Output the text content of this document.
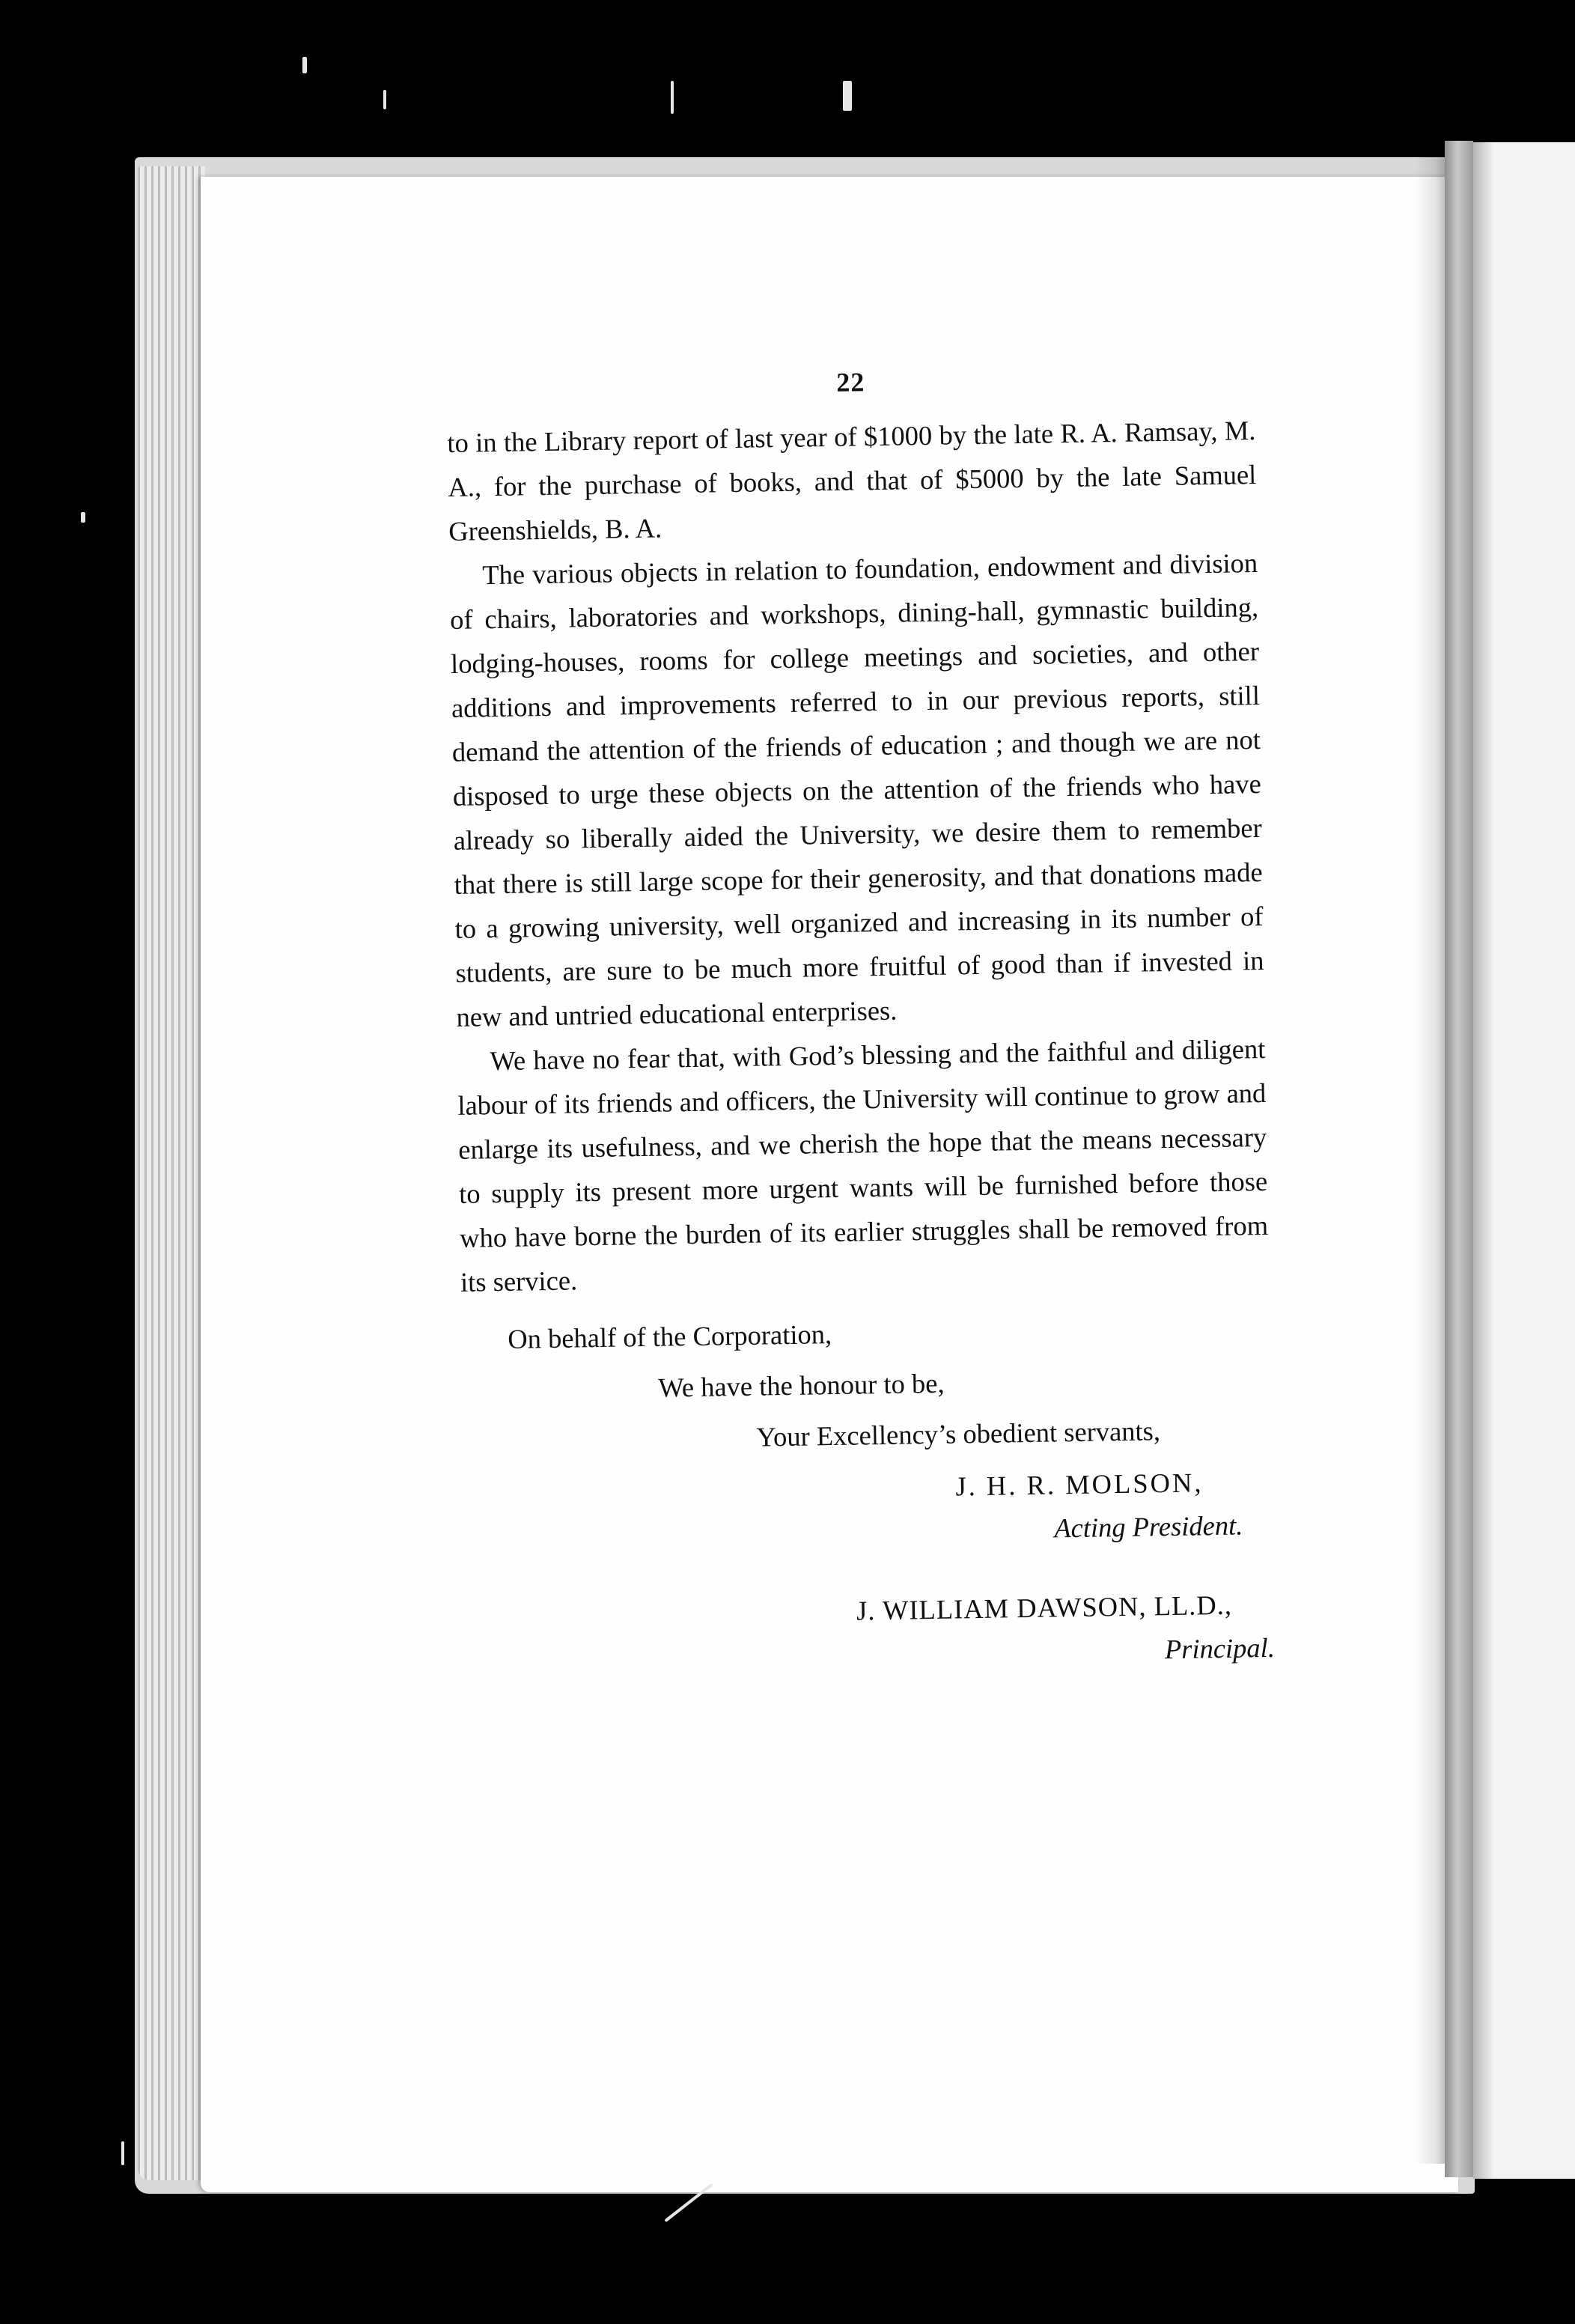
22

to in the Library report of last year of $1000 by the late R. A. Ramsay, M. A., for the purchase of books, and that of $5000 by the late Samuel Greenshields, B. A.

The various objects in relation to foundation, endowment and division of chairs, laboratories and workshops, dining-hall, gymnastic building, lodging-houses, rooms for college meetings and societies, and other additions and improvements referred to in our previous reports, still demand the attention of the friends of education ; and though we are not disposed to urge these objects on the attention of the friends who have already so liberally aided the University, we desire them to remember that there is still large scope for their generosity, and that donations made to a growing university, well organized and increasing in its number of students, are sure to be much more fruitful of good than if invested in new and untried educational enterprises.

We have no fear that, with God’s blessing and the faithful and diligent labour of its friends and officers, the University will continue to grow and enlarge its usefulness, and we cherish the hope that the means necessary to supply its present more urgent wants will be furnished before those who have borne the burden of its earlier struggles shall be removed from its service.

On behalf of the Corporation,
We have the honour to be,
Your Excellency’s obedient servants,
J. H. R. MOLSON,
Acting President.
J. WILLIAM DAWSON, LL.D.,
Principal.
